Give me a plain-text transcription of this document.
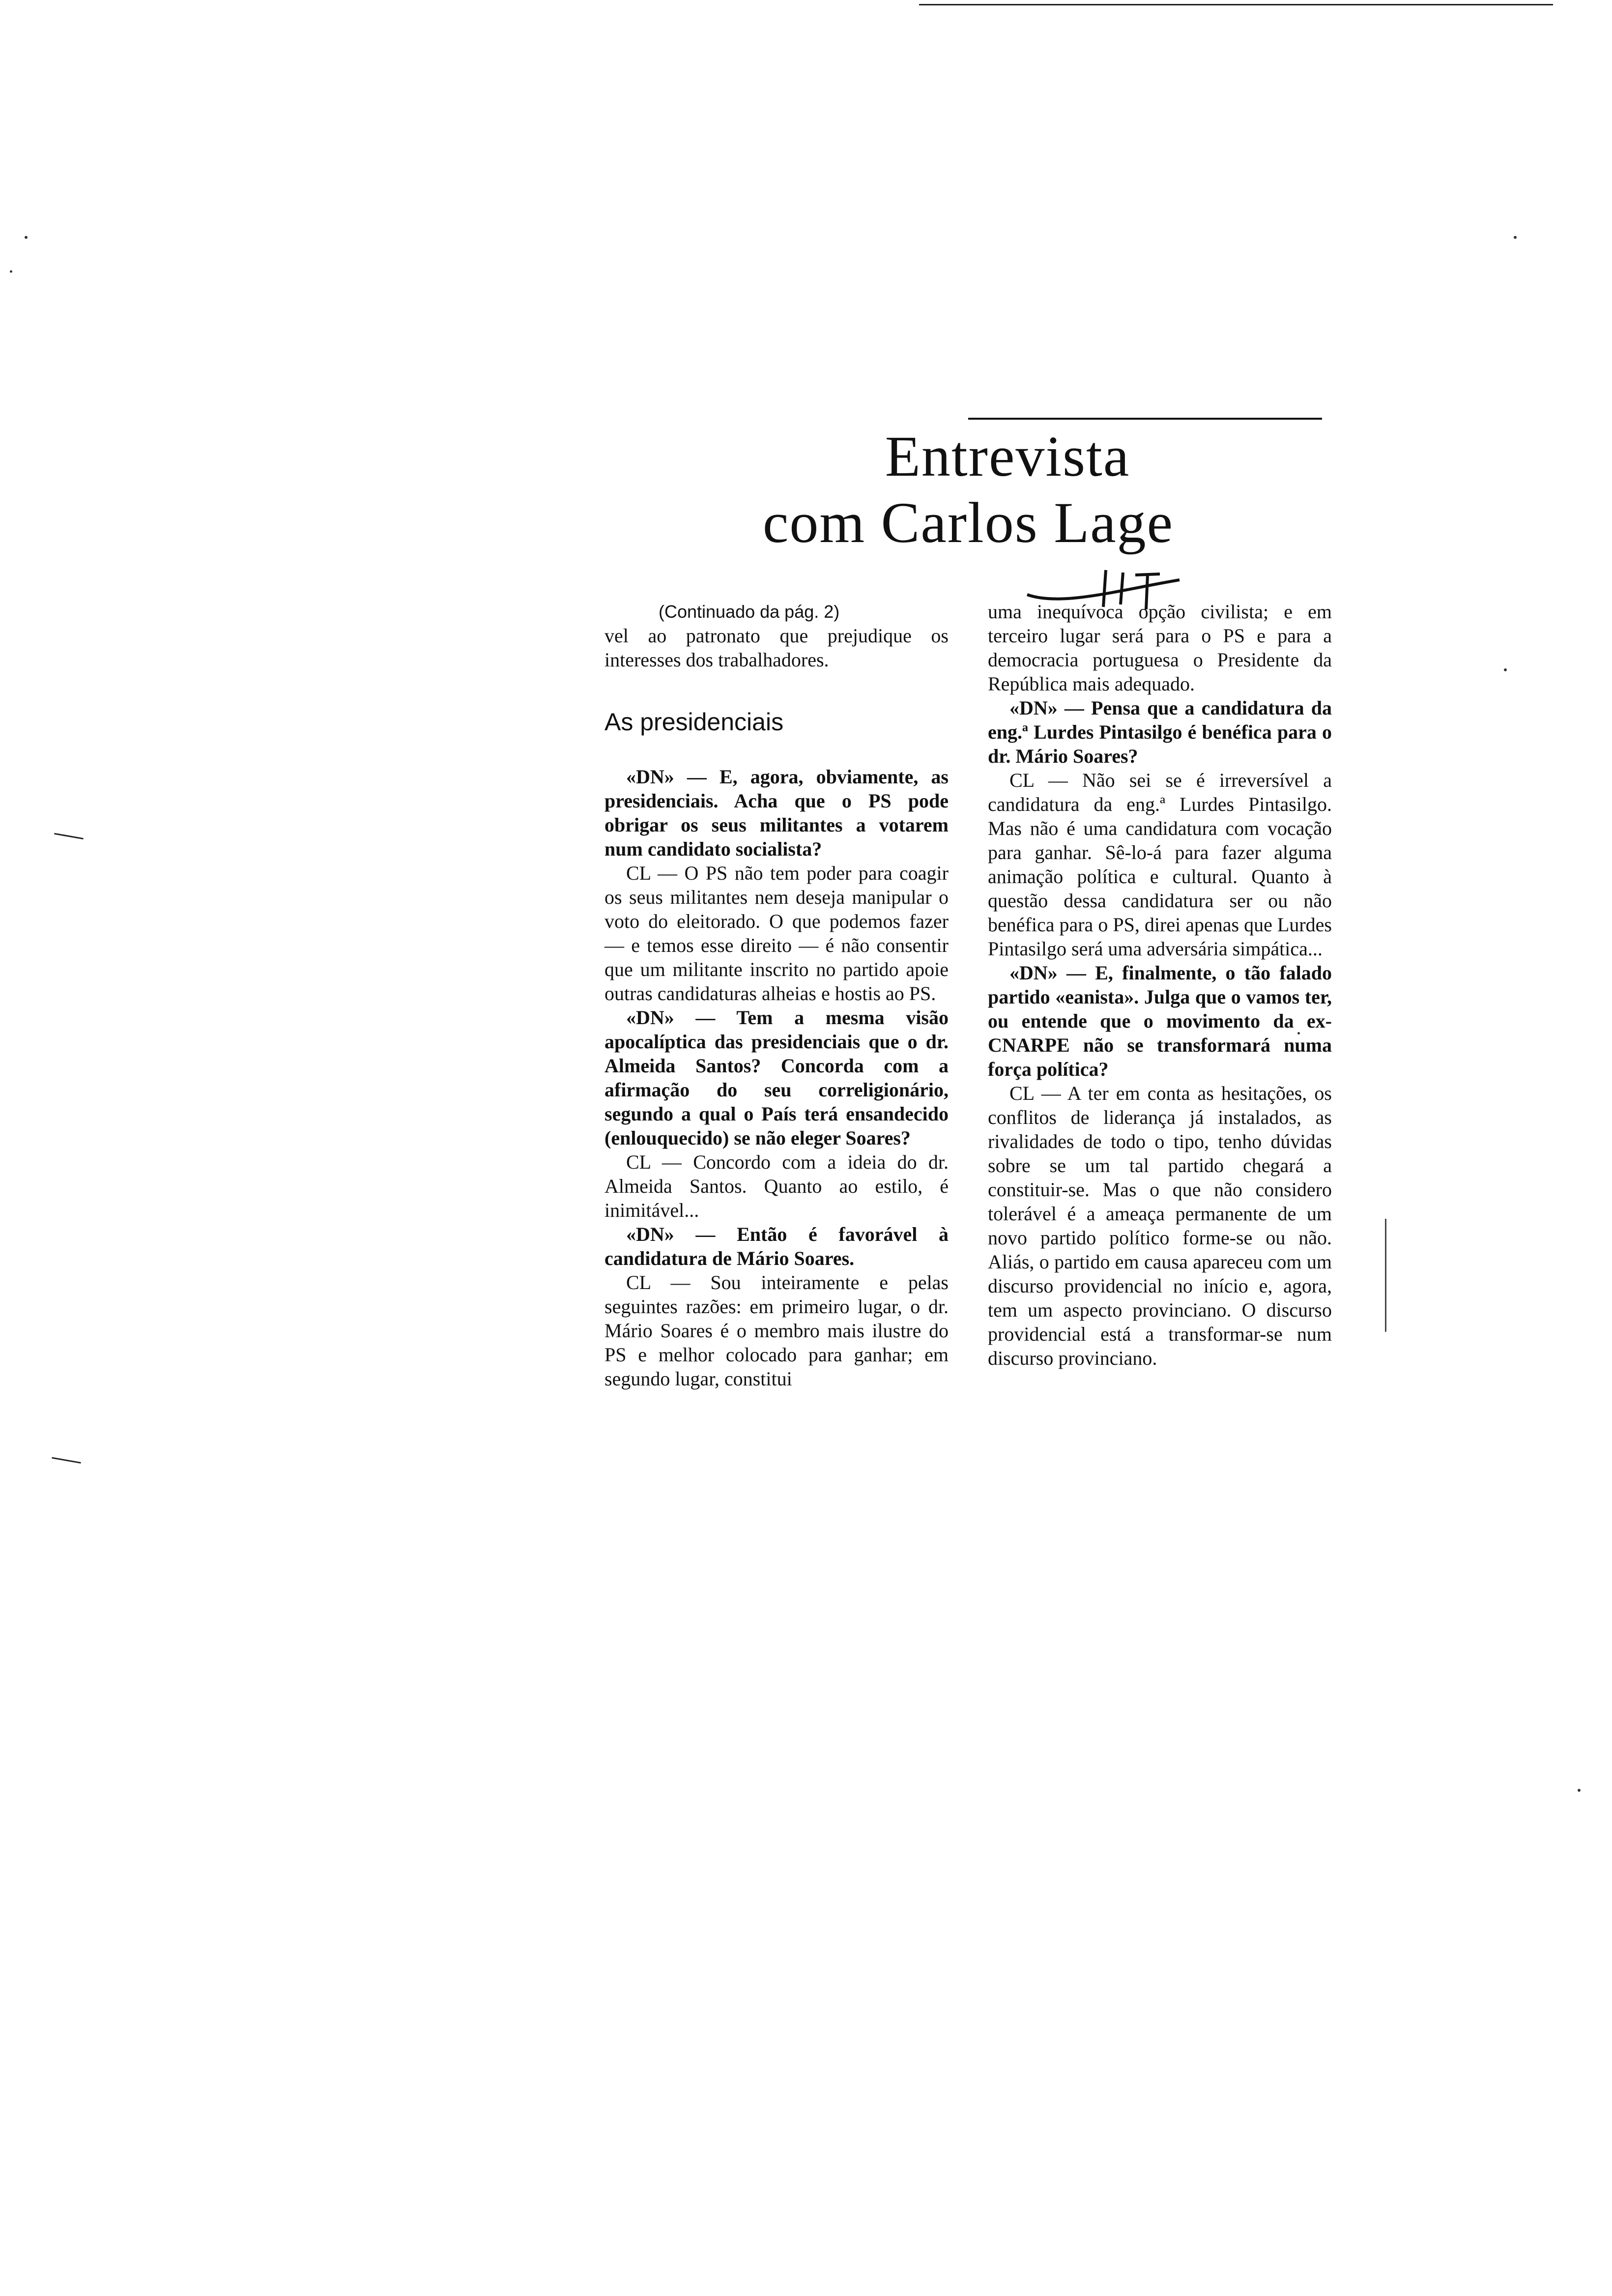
Entrevista
com Carlos Lage

(Continuado da pág. 2)

vel ao patronato que prejudique os interesses dos trabalhadores.

As presidenciais

«DN» — E, agora, obviamente, as presidenciais. Acha que o PS pode obrigar os seus militantes a votarem num candidato socialista?

CL — O PS não tem poder para coagir os seus militantes nem deseja manipular o voto do eleitorado. O que podemos fazer — e temos esse direito — é não consentir que um militante inscrito no partido apoie outras candidaturas alheias e hostis ao PS.

«DN» — Tem a mesma visão apocalíptica das presidenciais que o dr. Almeida Santos? Concorda com a afirmação do seu correligionário, segundo a qual o País terá ensandecido (enlouquecido) se não eleger Soares?

CL — Concordo com a ideia do dr. Almeida Santos. Quanto ao estilo, é inimitável...

«DN» — Então é favorável à candidatura de Mário Soares.

CL — Sou inteiramente e pelas seguintes razões: em primeiro lugar, o dr. Mário Soares é o membro mais ilustre do PS e melhor colocado para ganhar; em segundo lugar, constitui

uma inequívoca opção civilista; e em terceiro lugar será para o PS e para a democracia portuguesa o Presidente da República mais adequado.

«DN» — Pensa que a candidatura da eng.ª Lurdes Pintasilgo é benéfica para o dr. Mário Soares?

CL — Não sei se é irreversível a candidatura da eng.ª Lurdes Pintasilgo. Mas não é uma candidatura com vocação para ganhar. Sê-lo-á para fazer alguma animação política e cultural. Quanto à questão dessa candidatura ser ou não benéfica para o PS, direi apenas que Lurdes Pintasilgo será uma adversária simpática...

«DN» — E, finalmente, o tão falado partido «eanista». Julga que o vamos ter, ou entende que o movimento da ex-CNARPE não se transformará numa força política?

CL — A ter em conta as hesitações, os conflitos de liderança já instalados, as rivalidades de todo o tipo, tenho dúvidas sobre se um tal partido chegará a constituir-se. Mas o que não considero tolerável é a ameaça permanente de um novo partido político forme-se ou não. Aliás, o partido em causa apareceu com um discurso providencial no início e, agora, tem um aspecto provinciano. O discurso providencial está a transformar-se num discurso provinciano.
